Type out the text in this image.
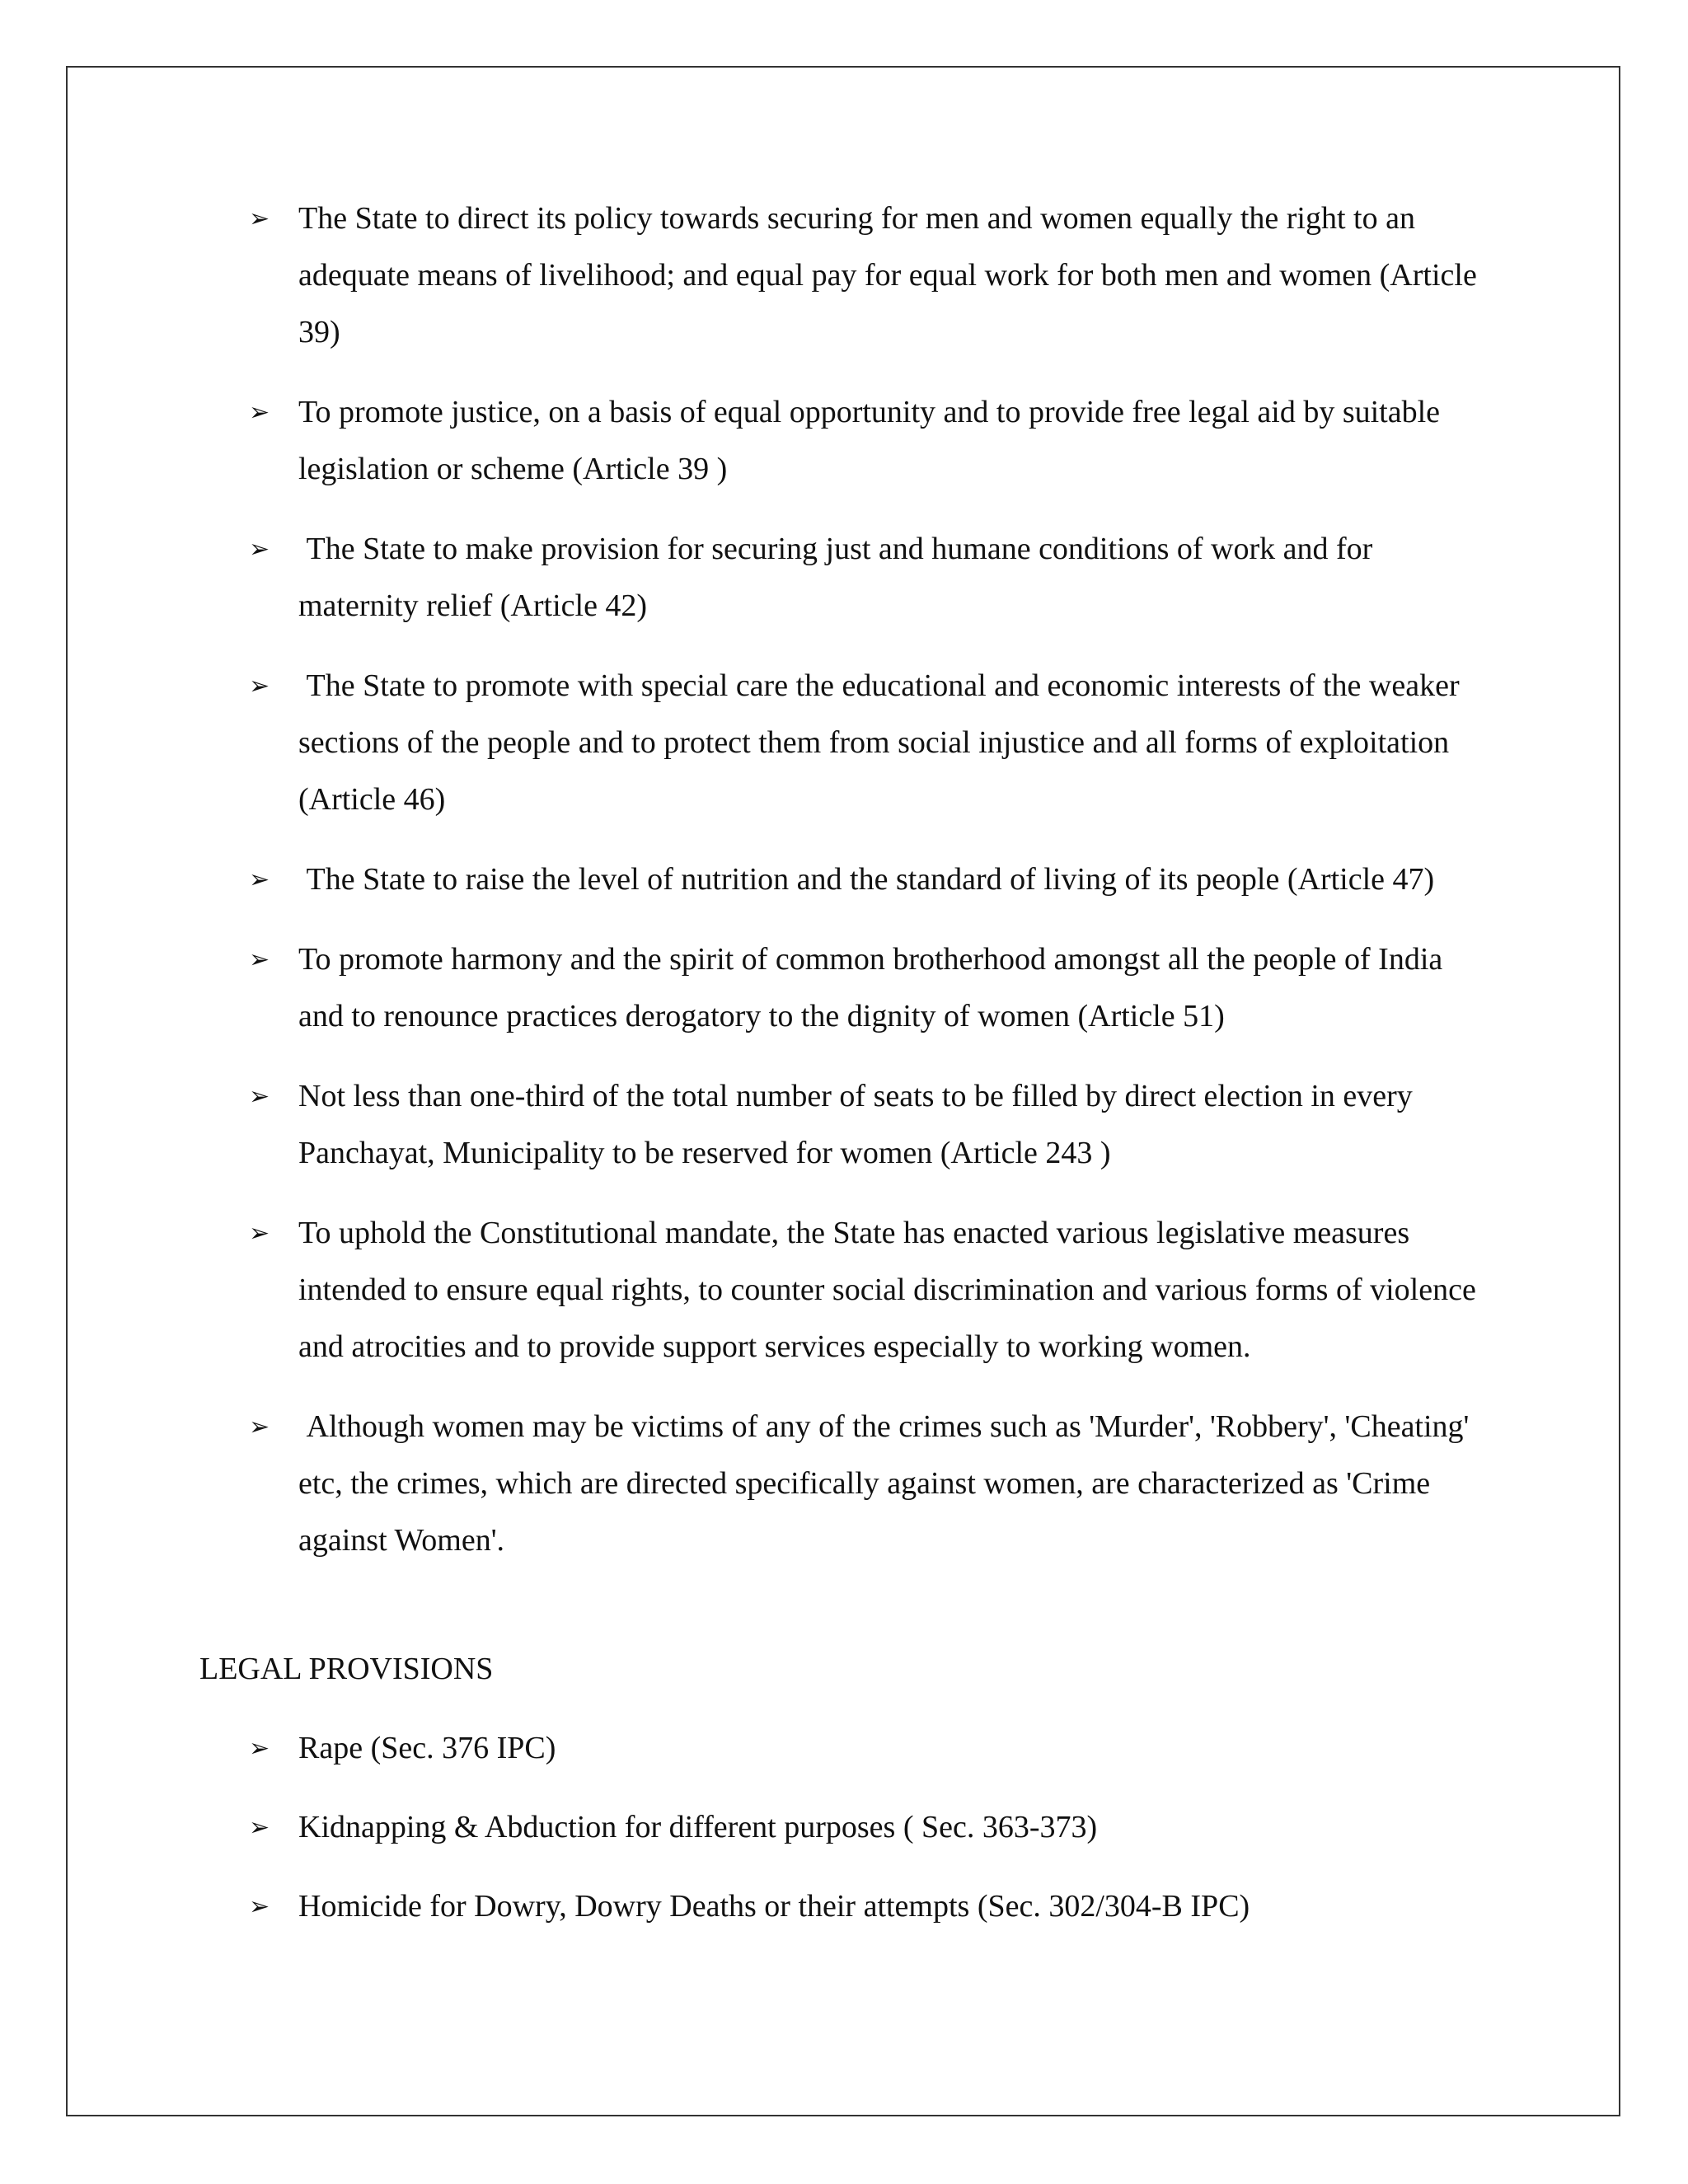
➢ The State to direct its policy towards securing for men and women equally the right to an adequate means of livelihood; and equal pay for equal work for both men and women (Article 39)
➢ To promote justice, on a basis of equal opportunity and to provide free legal aid by suitable legislation or scheme (Article 39 )
➢ The State to make provision for securing just and humane conditions of work and for maternity relief (Article 42)
➢ The State to promote with special care the educational and economic interests of the weaker sections of the people and to protect them from social injustice and all forms of exploitation (Article 46)
➢ The State to raise the level of nutrition and the standard of living of its people (Article 47)
➢ To promote harmony and the spirit of common brotherhood amongst all the people of India and to renounce practices derogatory to the dignity of women (Article 51)
➢ Not less than one-third of the total number of seats to be filled by direct election in every Panchayat, Municipality to be reserved for women (Article 243 )
➢ To uphold the Constitutional mandate, the State has enacted various legislative measures intended to ensure equal rights, to counter social discrimination and various forms of violence and atrocities and to provide support services especially to working women.
➢ Although women may be victims of any of the crimes such as 'Murder', 'Robbery', 'Cheating' etc, the crimes, which are directed specifically against women, are characterized as 'Crime against Women'.
LEGAL PROVISIONS
➢ Rape (Sec. 376 IPC)
➢ Kidnapping & Abduction for different purposes ( Sec. 363-373)
➢ Homicide for Dowry, Dowry Deaths or their attempts (Sec. 302/304-B IPC)
